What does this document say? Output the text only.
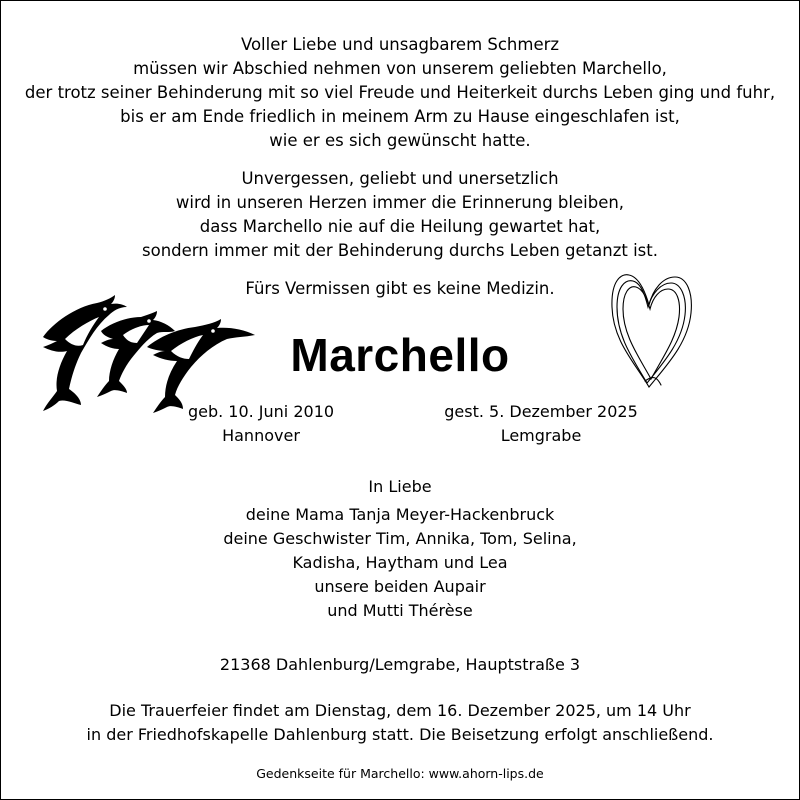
Voller Liebe und unsagbarem Schmerz
müssen wir Abschied nehmen von unserem geliebten Marchello,
der trotz seiner Behinderung mit so viel Freude und Heiterkeit durchs Leben ging und fuhr,
bis er am Ende friedlich in meinem Arm zu Hause eingeschlafen ist,
wie er es sich gewünscht hatte.
Unvergessen, geliebt und unersetzlich
wird in unseren Herzen immer die Erinnerung bleiben,
dass Marchello nie auf die Heilung gewartet hat,
sondern immer mit der Behinderung durchs Leben getanzt ist.
Fürs Vermissen gibt es keine Medizin.
Marchello
geb. 10. Juni 2010
Hannover
gest. 5. Dezember 2025
Lemgrabe
In Liebe
deine Mama Tanja Meyer-Hackenbruck
deine Geschwister Tim, Annika, Tom, Selina,
Kadisha, Haytham und Lea
unsere beiden Aupair
und Mutti Thérèse
21368 Dahlenburg/Lemgrabe, Hauptstraße 3
Die Trauerfeier findet am Dienstag, dem 16. Dezember 2025, um 14 Uhr
in der Friedhofskapelle Dahlenburg statt. Die Beisetzung erfolgt anschließend.
Gedenkseite für Marchello: www.ahorn-lips.de
